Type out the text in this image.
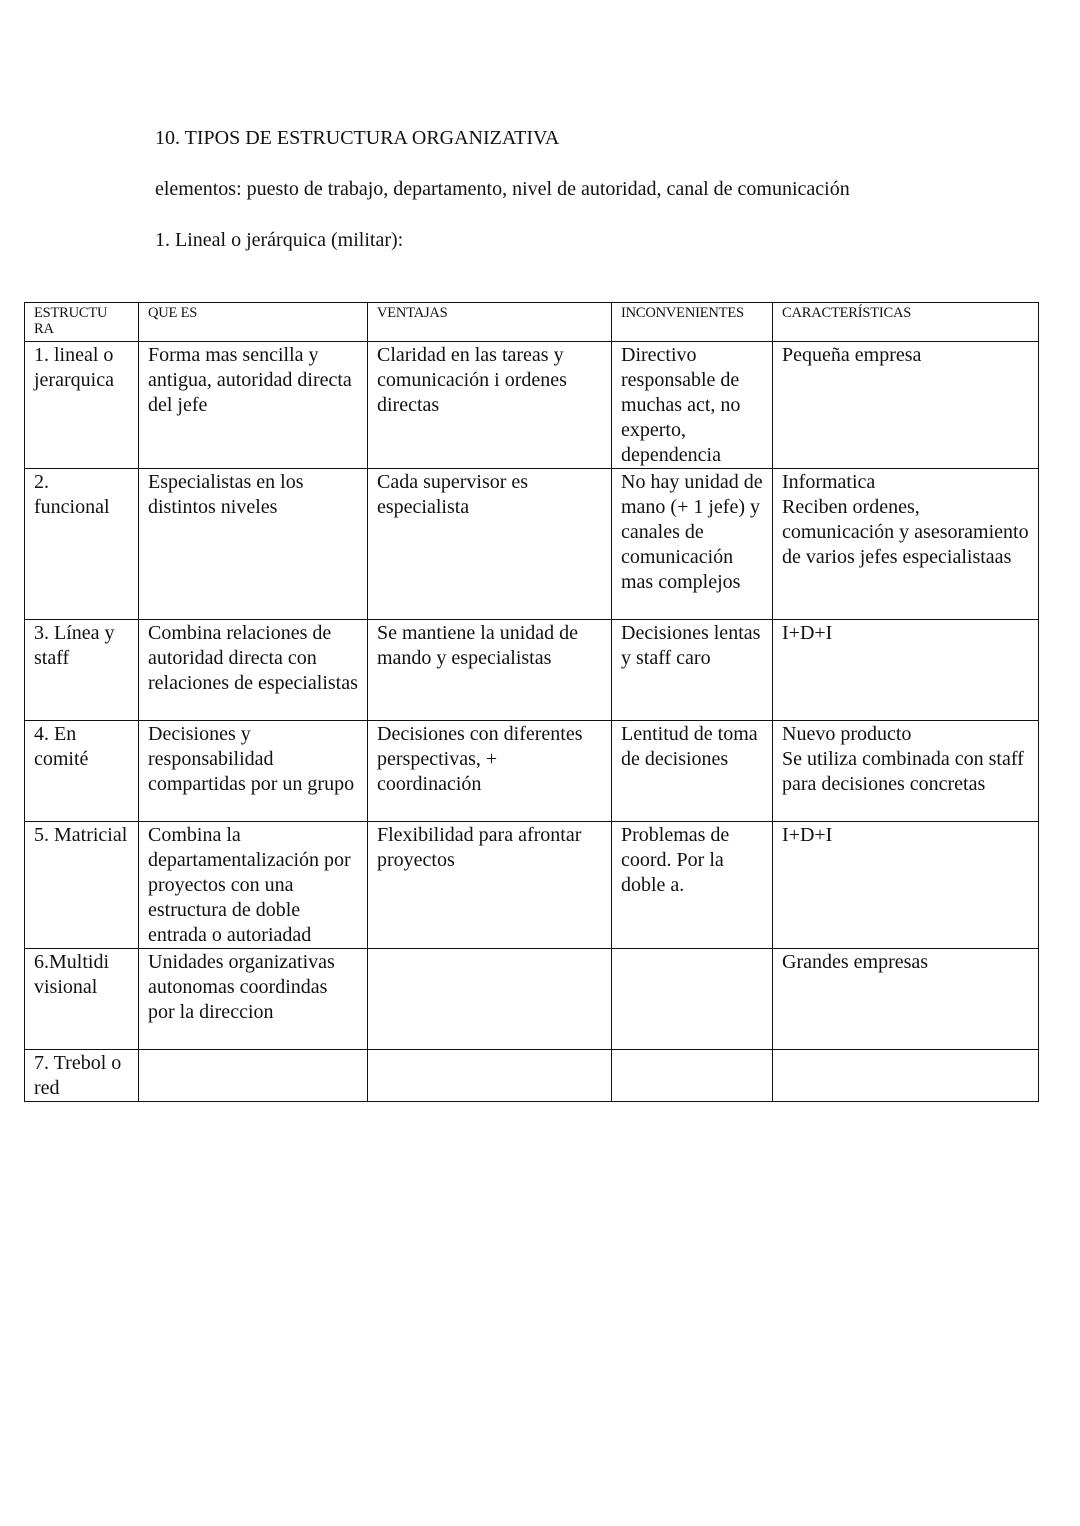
10. TIPOS DE ESTRUCTURA ORGANIZATIVA
elementos: puesto de trabajo, departamento, nivel de autoridad, canal de comunicación
1. Lineal o jerárquica (militar):
ESTRUCTU RA	QUE ES	VENTAJAS	INCONVENIENTES	CARACTERÍSTICAS
1. lineal o jerarquica	Forma mas sencilla y antigua, autoridad directa del jefe	Claridad en las tareas y comunicación i ordenes directas	Directivo responsable de muchas act, no experto, dependencia	Pequeña empresa

2. funcional	Especialistas en los distintos niveles	Cada supervisor es especialista	No hay unidad de mano (+ 1 jefe) y canales de comunicación mas complejos	Informatica
Reciben ordenes, comunicación y asesoramiento de varios jefes especialistaas

3. Línea y staff	Combina relaciones de autoridad directa con relaciones de especialistas	Se mantiene la unidad de mando y especialistas	Decisiones lentas y staff caro	I+D+I

4. En comité	Decisiones y responsabilidad compartidas por un grupo	Decisiones con diferentes perspectivas, + coordinación	Lentitud de toma de decisiones	Nuevo producto
Se utiliza combinada con staff para decisiones concretas

5. Matricial	Combina la departamentalización por proyectos con una estructura de doble entrada o autoriadad	Flexibilidad para afrontar proyectos	Problemas de coord. Por la doble a.	I+D+I

6.Multidi visional	Unidades organizativas autonomas coordindas por la direccion			Grandes empresas

7. Trebol o red				
